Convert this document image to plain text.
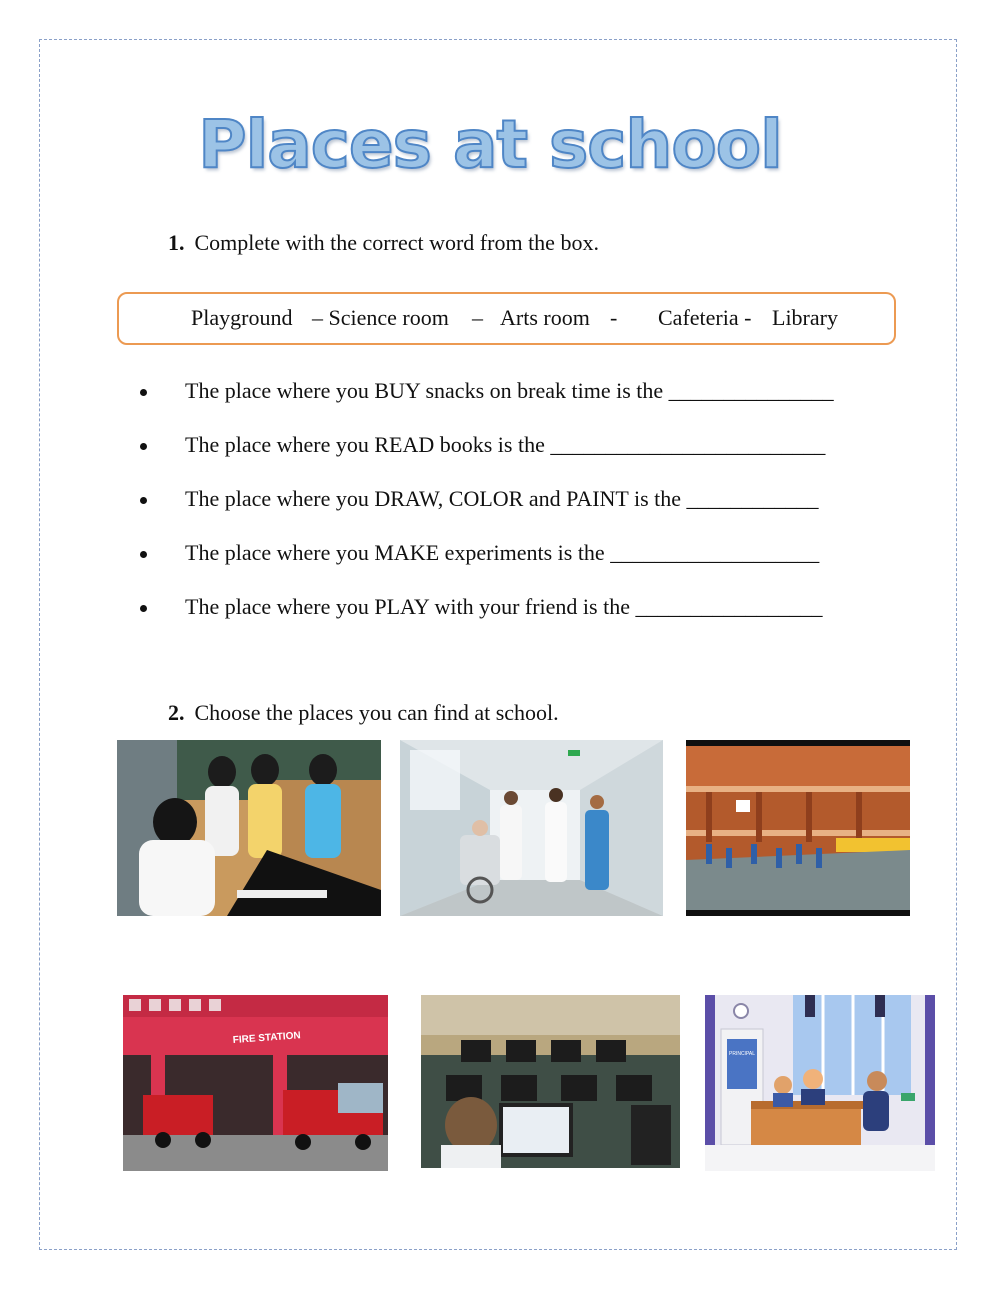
Places at school
1. Complete with the correct word from the box.
Playground – Science room – Arts room - Cafeteria - Library

The place where you BUY snacks on break time is the _______________

The place where you READ books is the _________________________

The place where you DRAW, COLOR and PAINT is the ____________

The place where you MAKE experiments is the ___________________

The place where you PLAY with your friend is the _________________

2. Choose the places you can find at school.
FIRE STATION
PRINCIPAL
